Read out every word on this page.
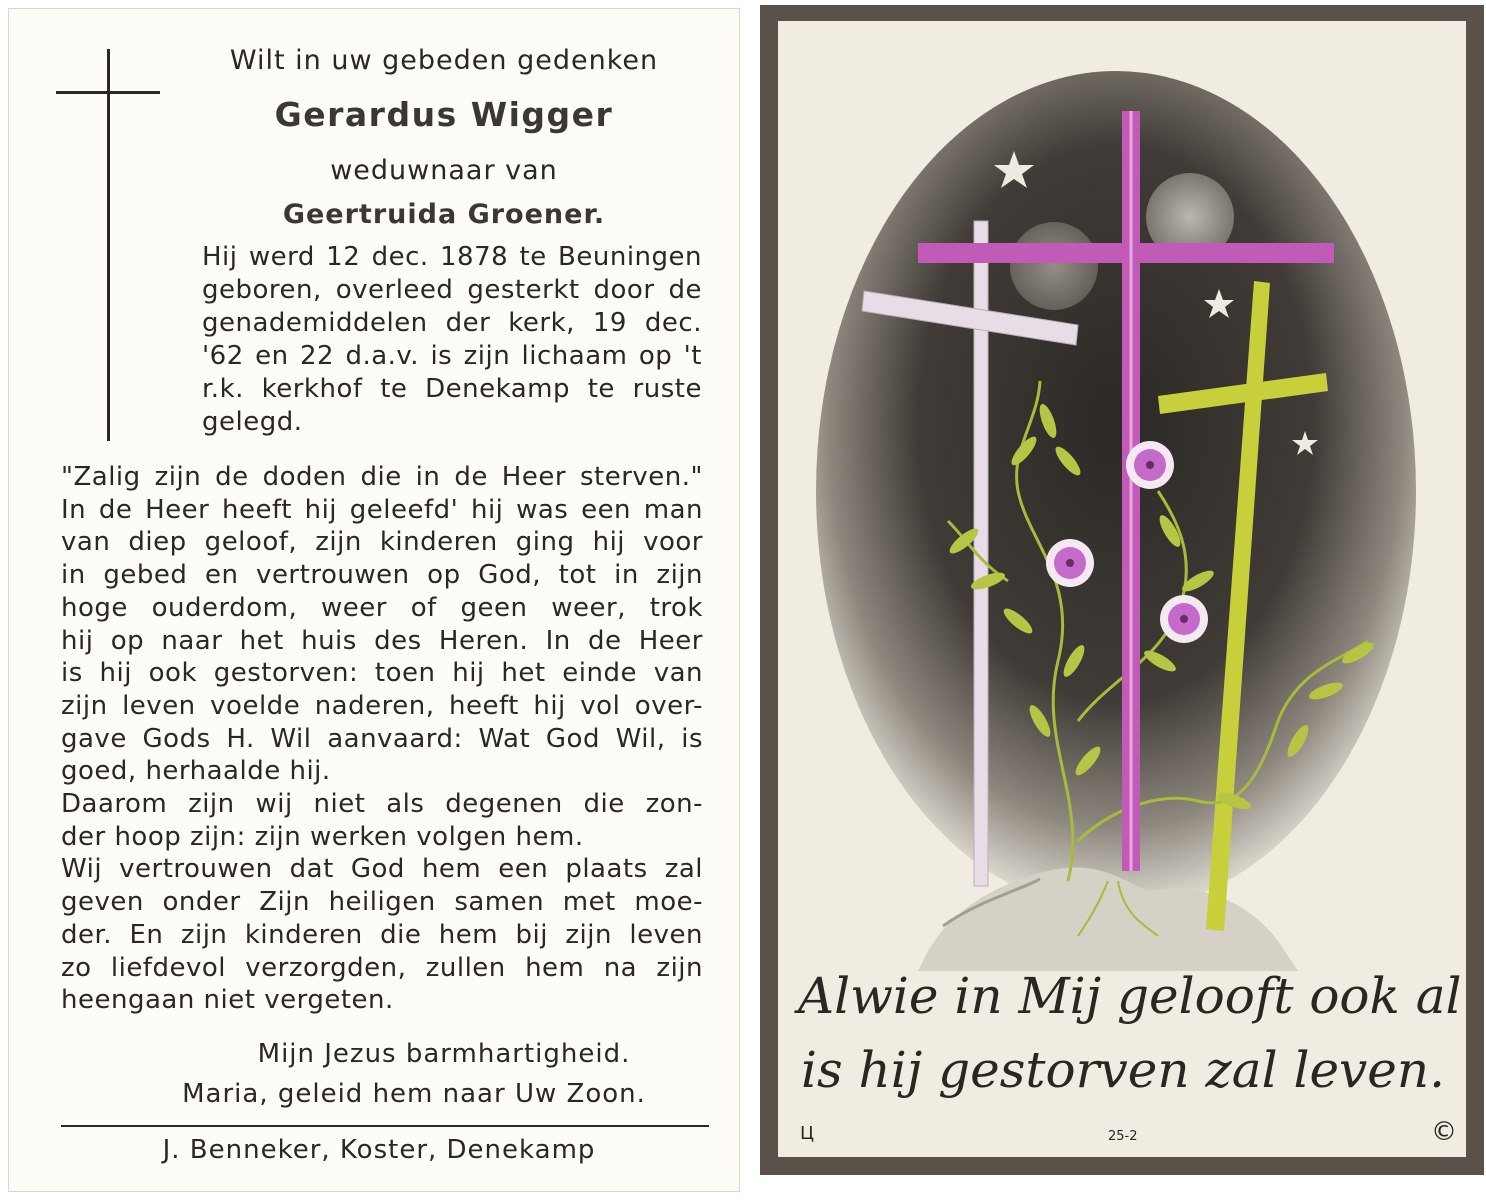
Wilt in uw gebeden gedenken
Gerardus Wigger
weduwnaar van
Geertruida Groener.
Hij werd 12 dec. 1878 te Beuningen
geboren, overleed gesterkt door de
genademiddelen der kerk, 19 dec.
'62 en 22 d.a.v. is zijn lichaam op 't
r.k. kerkhof te Denekamp te ruste
gelegd.
"Zalig zijn de doden die in de Heer sterven."
In de Heer heeft hij geleefd' hij was een man
van diep geloof, zijn kinderen ging hij voor
in gebed en vertrouwen op God, tot in zijn
hoge ouderdom, weer of geen weer, trok
hij op naar het huis des Heren. In de Heer
is hij ook gestorven: toen hij het einde van
zijn leven voelde naderen, heeft hij vol over-
gave Gods H. Wil aanvaard: Wat God Wil, is
goed, herhaalde hij.
Daarom zijn wij niet als degenen die zon-
der hoop zijn: zijn werken volgen hem.
Wij vertrouwen dat God hem een plaats zal
geven onder Zijn heiligen samen met moe-
der. En zijn kinderen die hem bij zijn leven
zo liefdevol verzorgden, zullen hem na zijn
heengaan niet vergeten.
Mijn Jezus barmhartigheid.
Maria, geleid hem naar Uw Zoon.
J. Benneker, Koster, Denekamp
Alwie in Mij gelooft ook al
is hij gestorven zal leven.
Ц	25-2	©
